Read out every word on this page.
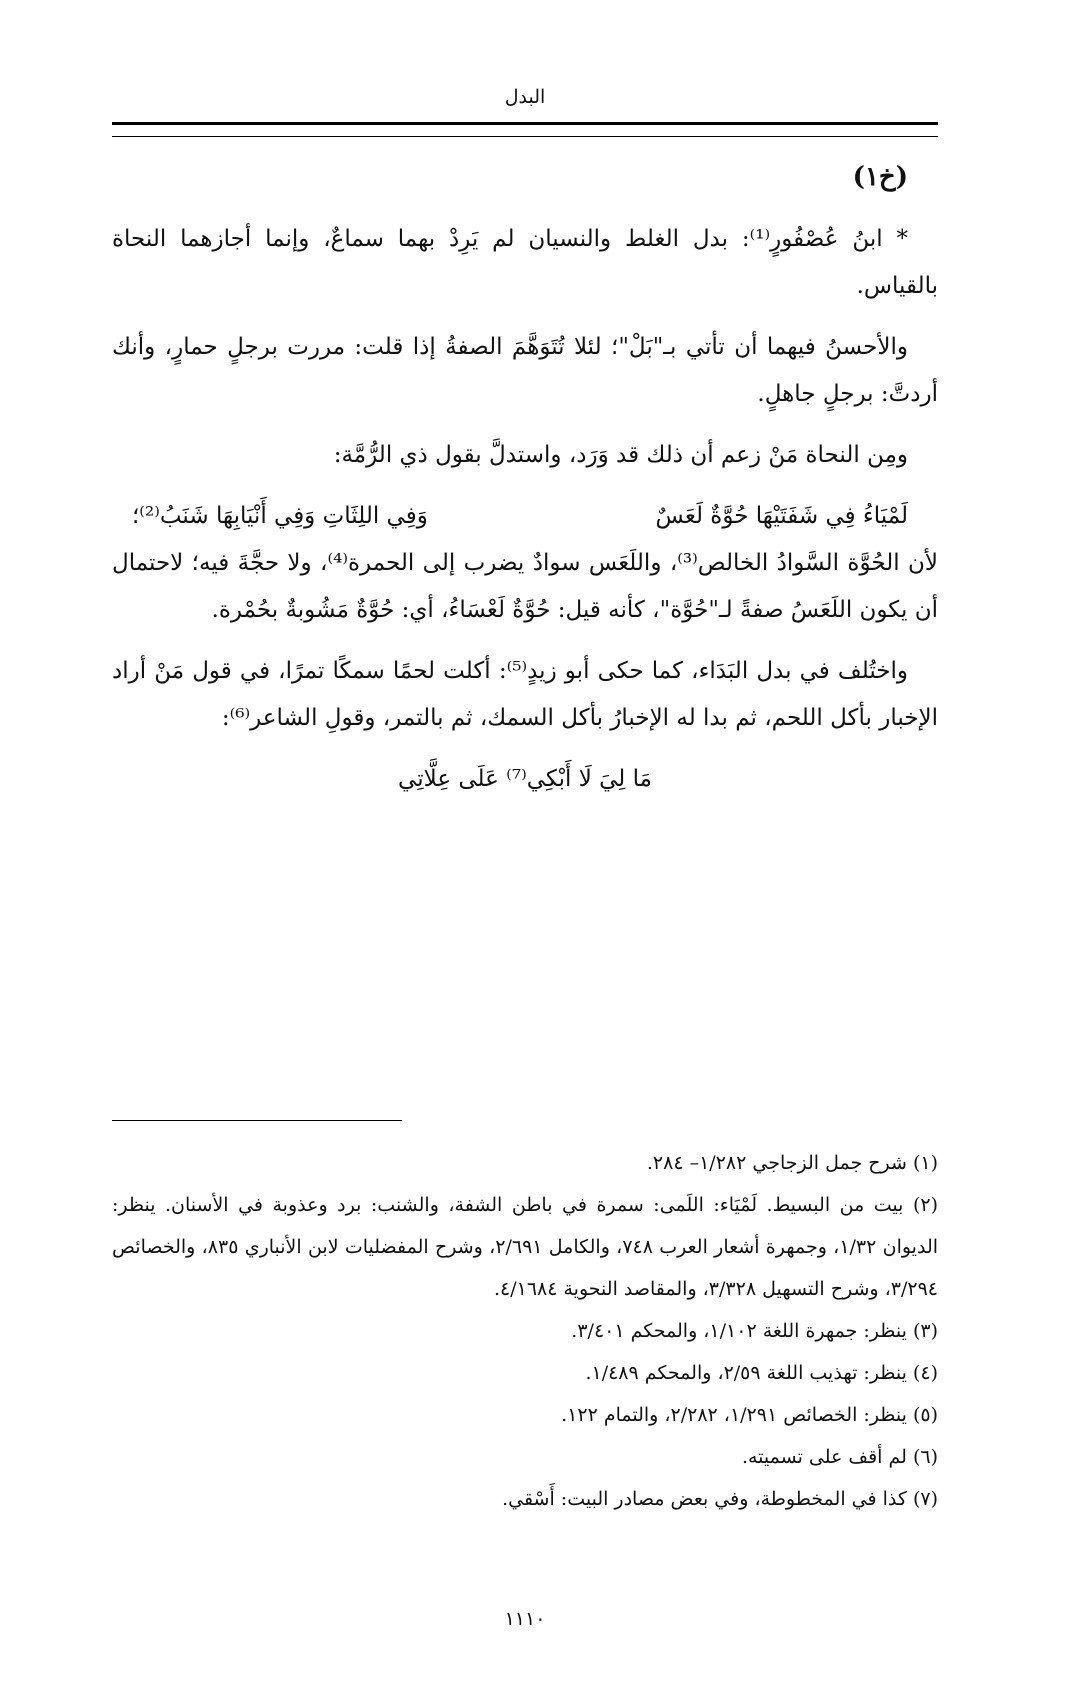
البدل
(خ١)

* ابنُ عُصْفُورٍ⁽¹⁾: بدل الغلط والنسيان لم يَرِدْ بهما سماعٌ، وإنما أجازهما النحاة بالقياس.

والأحسنُ فيهما أن تأتي بـ"بَلْ"؛ لئلا تُتَوَهَّمَ الصفةُ إذا قلت: مررت برجلٍ حمارٍ، وأنك أردتَّ: برجلٍ جاهلٍ.

ومِن النحاة مَنْ زعم أن ذلك قد وَرَد، واستدلَّ بقول ذي الرُّمَّة:

لَمْيَاءُ فِي شَفَتَيْهَا حُوَّةٌ لَعَسٌ
وَفِي اللِثَاتِ وَفِي أَنْيَابِهَا شَنَبُ⁽²⁾؛

لأن الحُوَّة السَّوادُ الخالص⁽³⁾، واللَعَس سوادٌ يضرب إلى الحمرة⁽⁴⁾، ولا حجَّةَ فيه؛ لاحتمال أن يكون اللَعَسُ صفةً لـ"حُوَّة"، كأنه قيل: حُوَّةٌ لَعْسَاءُ، أي: حُوَّةٌ مَشُوبةٌ بحُمْرة.

واختُلف في بدل البَدَاء، كما حكى أبو زيدٍ⁽⁵⁾: أكلت لحمًا سمكًا تمرًا، في قول مَنْ أراد الإخبار بأكل اللحم، ثم بدا له الإخبارُ بأكل السمك، ثم بالتمر، وقولِ الشاعر⁽⁶⁾:

مَا لِيَ لَا أَبْكِي⁽⁷⁾ عَلَى عِلَّاتِي
(١) شرح جمل الزجاجي ١/٢٨٢– ٢٨٤.
(٢) بيت من البسيط. لَمْيَاء: اللَمى: سمرة في باطن الشفة، والشنب: برد وعذوبة في الأسنان. ينظر: الديوان ١/٣٢، وجمهرة أشعار العرب ٧٤٨، والكامل ٢/٦٩١، وشرح المفضليات لابن الأنباري ٨٣٥، والخصائص ٣/٢٩٤، وشرح التسهيل ٣/٣٢٨، والمقاصد النحوية ٤/١٦٨٤.
(٣) ينظر: جمهرة اللغة ١/١٠٢، والمحكم ٣/٤٠١.
(٤) ينظر: تهذيب اللغة ٢/٥٩، والمحكم ١/٤٨٩.
(٥) ينظر: الخصائص ١/٢٩١، ٢/٢٨٢، والتمام ١٢٢.
(٦) لم أقف على تسميته.
(٧) كذا في المخطوطة، وفي بعض مصادر البيت: أَسْقي.
١١١٠
